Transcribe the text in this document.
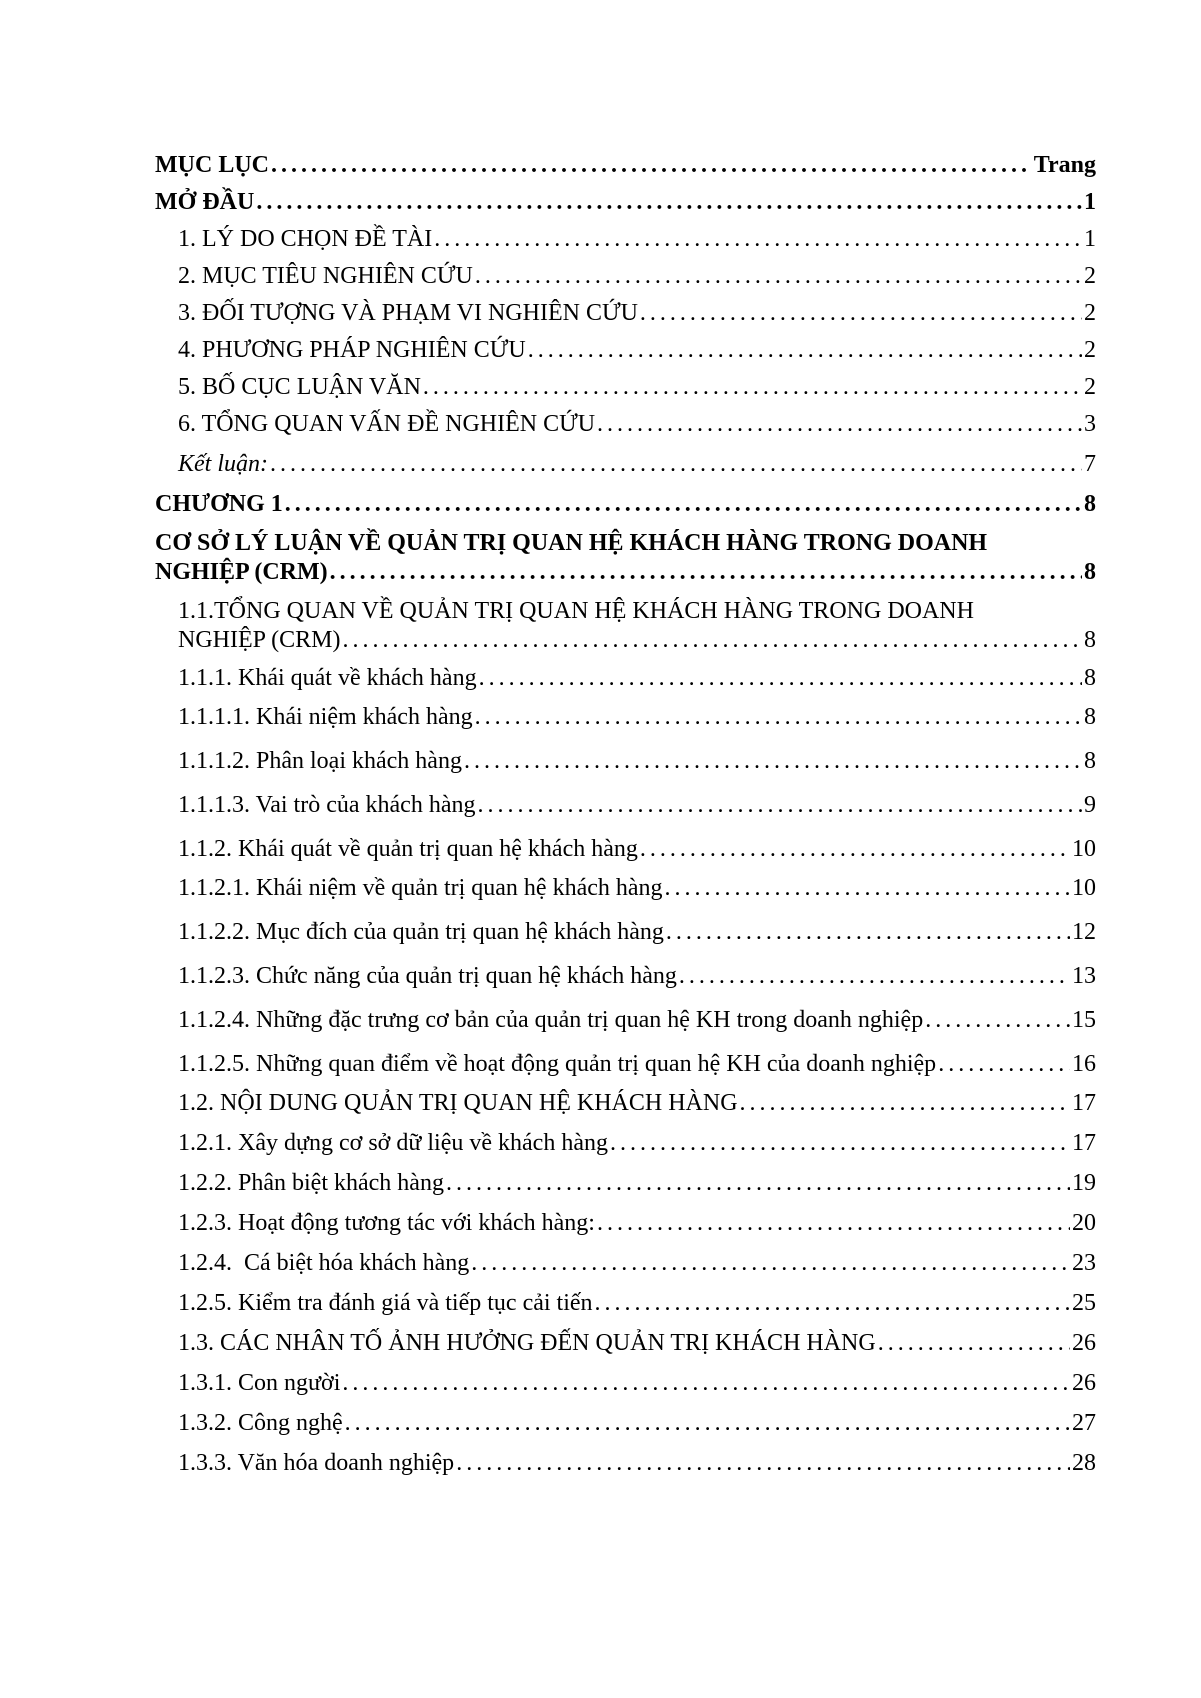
MỤC LỤC . . .	Trang
MỞ ĐẦU . . .	1
1. LÝ DO CHỌN ĐỀ TÀI . . .	1
2. MỤC TIÊU NGHIÊN CỨU . . .	2
3. ĐỐI TƯỢNG VÀ PHẠM VI NGHIÊN CỨU . . .	2
4. PHƯƠNG PHÁP NGHIÊN CỨU . . .	2
5. BỐ CỤC LUẬN VĂN . . .	2
6. TỔNG QUAN VẤN ĐỀ NGHIÊN CỨU . . .	3
Kết luận: . . .	7
CHƯƠNG 1 . . .	8
CƠ SỞ LÝ LUẬN VỀ QUẢN TRỊ QUAN HỆ KHÁCH HÀNG TRONG DOANH
NGHIỆP (CRM) . . .	8
1.1.TỔNG QUAN VỀ QUẢN TRỊ QUAN HỆ KHÁCH HÀNG TRONG DOANH
NGHIỆP (CRM) . . .	8
1.1.1. Khái quát về khách hàng . . .	8
1.1.1.1. Khái niệm khách hàng . . .	8
1.1.1.2. Phân loại khách hàng . . .	8
1.1.1.3. Vai trò của khách hàng . . .	9
1.1.2. Khái quát về quản trị quan hệ khách hàng . . .	10
1.1.2.1. Khái niệm về quản trị quan hệ khách hàng . . .	10
1.1.2.2. Mục đích của quản trị quan hệ khách hàng . . .	12
1.1.2.3. Chức năng của quản trị quan hệ khách hàng . . .	13
1.1.2.4. Những đặc trưng cơ bản của quản trị quan hệ KH trong doanh nghiệp . . .	15
1.1.2.5. Những quan điểm về hoạt động quản trị quan hệ KH của doanh nghiệp . . .	16
1.2. NỘI DUNG QUẢN TRỊ QUAN HỆ KHÁCH HÀNG . . .	17
1.2.1. Xây dựng cơ sở dữ liệu về khách hàng . . .	17
1.2.2. Phân biệt khách hàng . . .	19
1.2.3. Hoạt động tương tác với khách hàng: . . .	20
1.2.4.  Cá biệt hóa khách hàng . . .	23
1.2.5. Kiểm tra đánh giá và tiếp tục cải tiến . . .	25
1.3. CÁC NHÂN TỐ ẢNH HƯỞNG ĐẾN QUẢN TRỊ KHÁCH HÀNG . . .	26
1.3.1. Con người . . .	26
1.3.2. Công nghệ . . .	27
1.3.3. Văn hóa doanh nghiệp . . .	28
